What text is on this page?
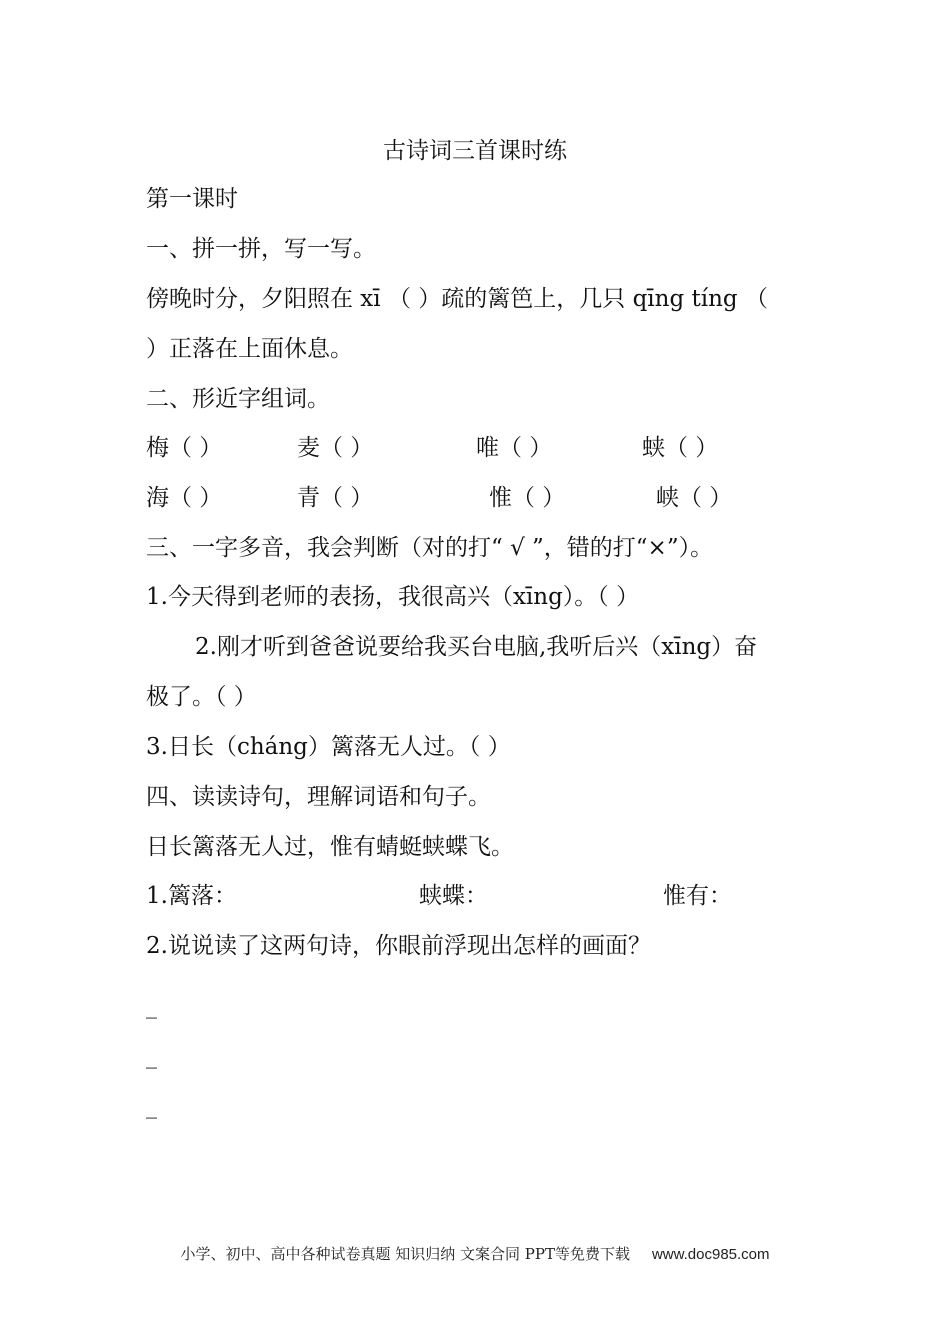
古诗词三首课时练
第一课时
一、拼一拼，写一写。
傍晚时分，夕阳照在 xī （ ）疏的篱笆上，几只 qīng tíng （
）正落在上面休息。
二、形近字组词。
梅（ ）	麦（ ）	唯（ ）	蛱（ ）
海（ ）	青（ ）	惟（ ）	峡（ ）
三、一字多音，我会判断（对的打“ √ ”，错的打“×”）。
1.今天得到老师的表扬，我很高兴（xīng）。（ ）
2.刚才听到爸爸说要给我买台电脑,我听后兴（xīng）奋
极了。（ ）
3.日长（cháng）篱落无人过。（ ）
四、读读诗句，理解词语和句子。
日长篱落无人过，惟有蜻蜓蛱蝶飞。
1.篱落：	蛱蝶：	惟有：
2.说说读了这两句诗，你眼前浮现出怎样的画面？
_
_
_
小学、初中、高中各种试卷真题 知识归纳 文案合同 PPT等免费下载 www.doc985.com
